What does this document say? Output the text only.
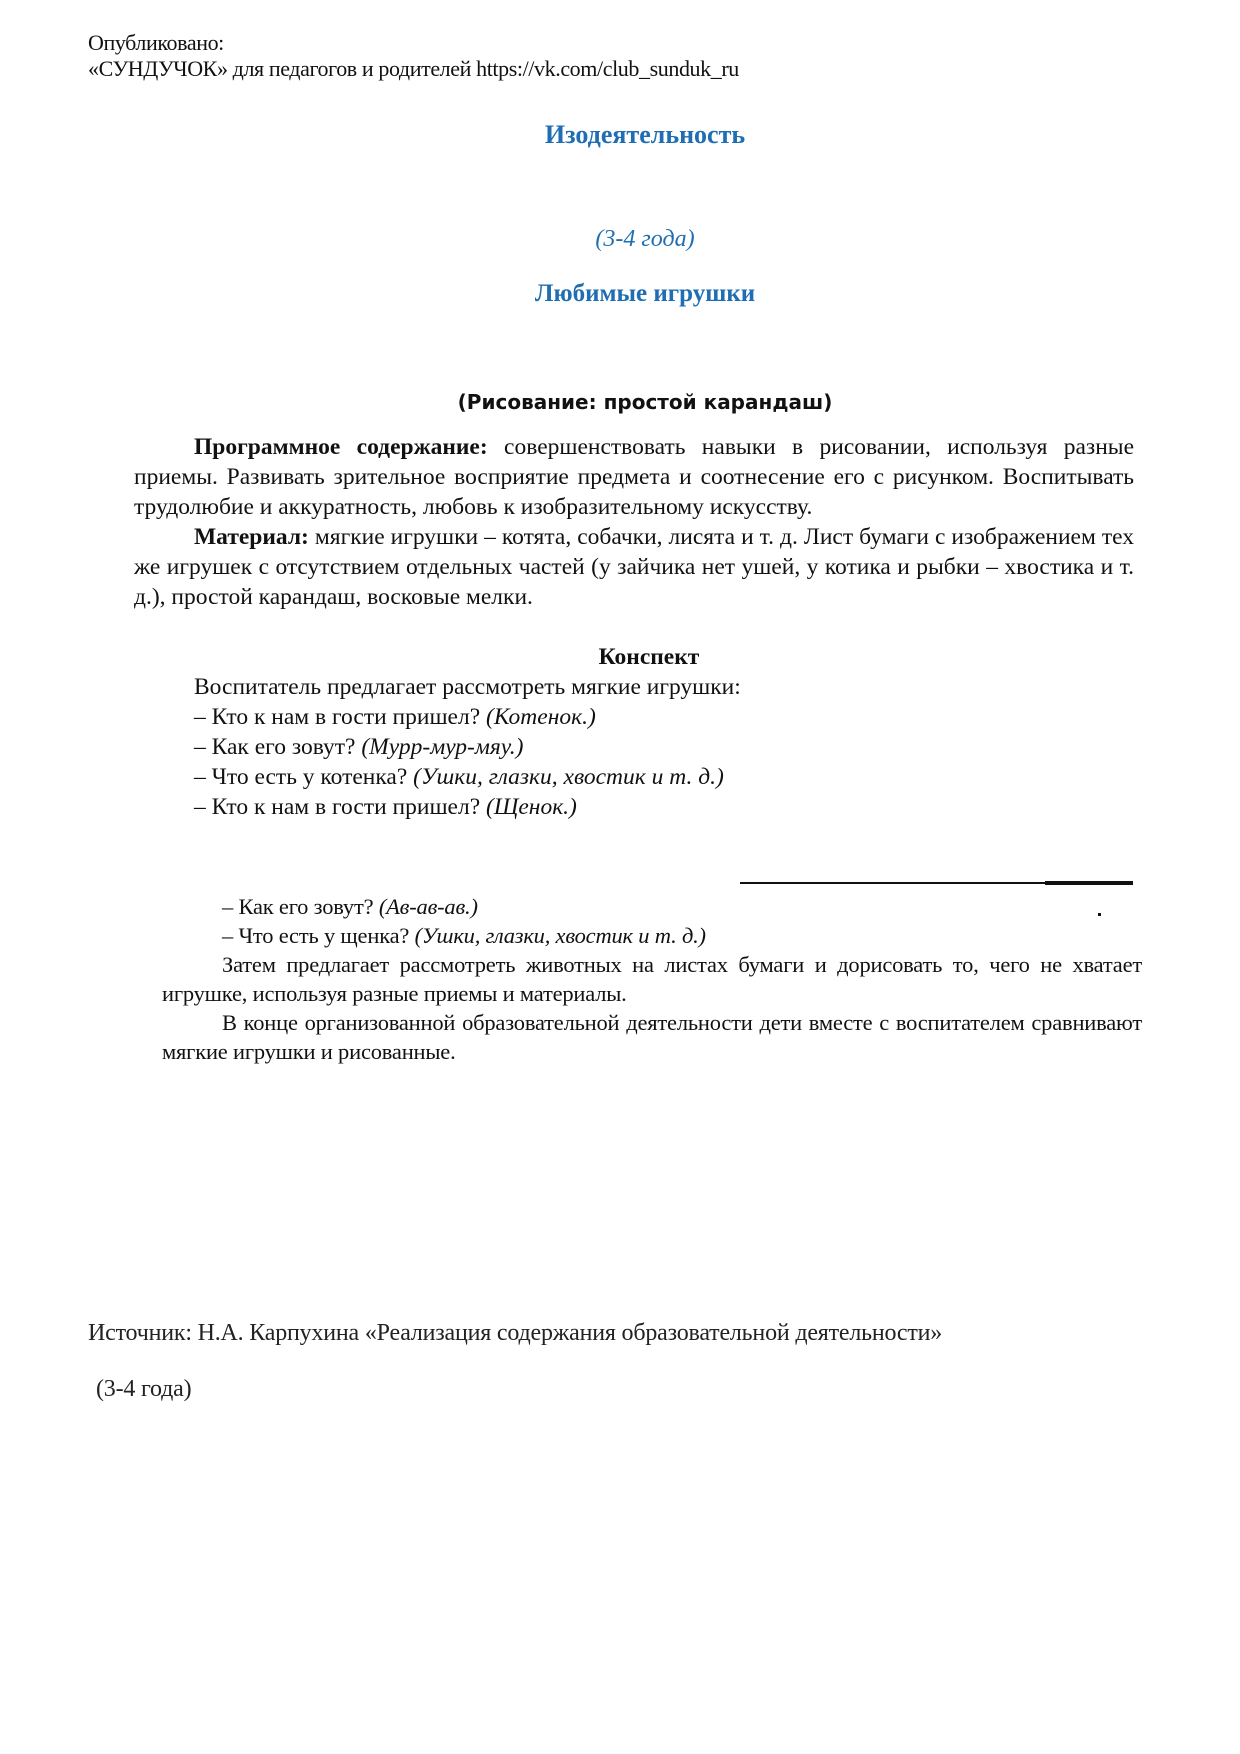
Опубликовано:
«СУНДУЧОК» для педагогов и родителей https://vk.com/club_sunduk_ru
Изодеятельность
(3-4 года)
Любимые игрушки
(Рисование: простой карандаш)

Программное содержание: совершенствовать навыки в рисовании, используя разные приемы. Развивать зрительное восприятие предмета и соотнесение его с рисунком. Воспитывать трудолюбие и аккуратность, любовь к изобразительному искусству.

Материал: мягкие игрушки – котята, собачки, лисята и т. д. Лист бумаги с изображением тех же игрушек с отсутствием отдельных частей (у зайчика нет ушей, у котика и рыбки – хвостика и т. д.), простой карандаш, восковые мелки.

Конспект

Воспитатель предлагает рассмотреть мягкие игрушки:

– Кто к нам в гости пришел? (Котенок.)

– Как его зовут? (Мурр-мур-мяу.)

– Что есть у котенка? (Ушки, глазки, хвостик и т. д.)

– Кто к нам в гости пришел? (Щенок.)

– Как его зовут? (Ав-ав-ав.)

– Что есть у щенка? (Ушки, глазки, хвостик и т. д.)

Затем предлагает рассмотреть животных на листах бумаги и дорисовать то, чего не хватает игрушке, используя разные приемы и материалы.

В конце организованной образовательной деятельности дети вместе с воспитателем сравнивают мягкие игрушки и рисованные.

Источник: Н.А. Карпухина «Реализация содержания образовательной деятельности»
(3-4 года)
